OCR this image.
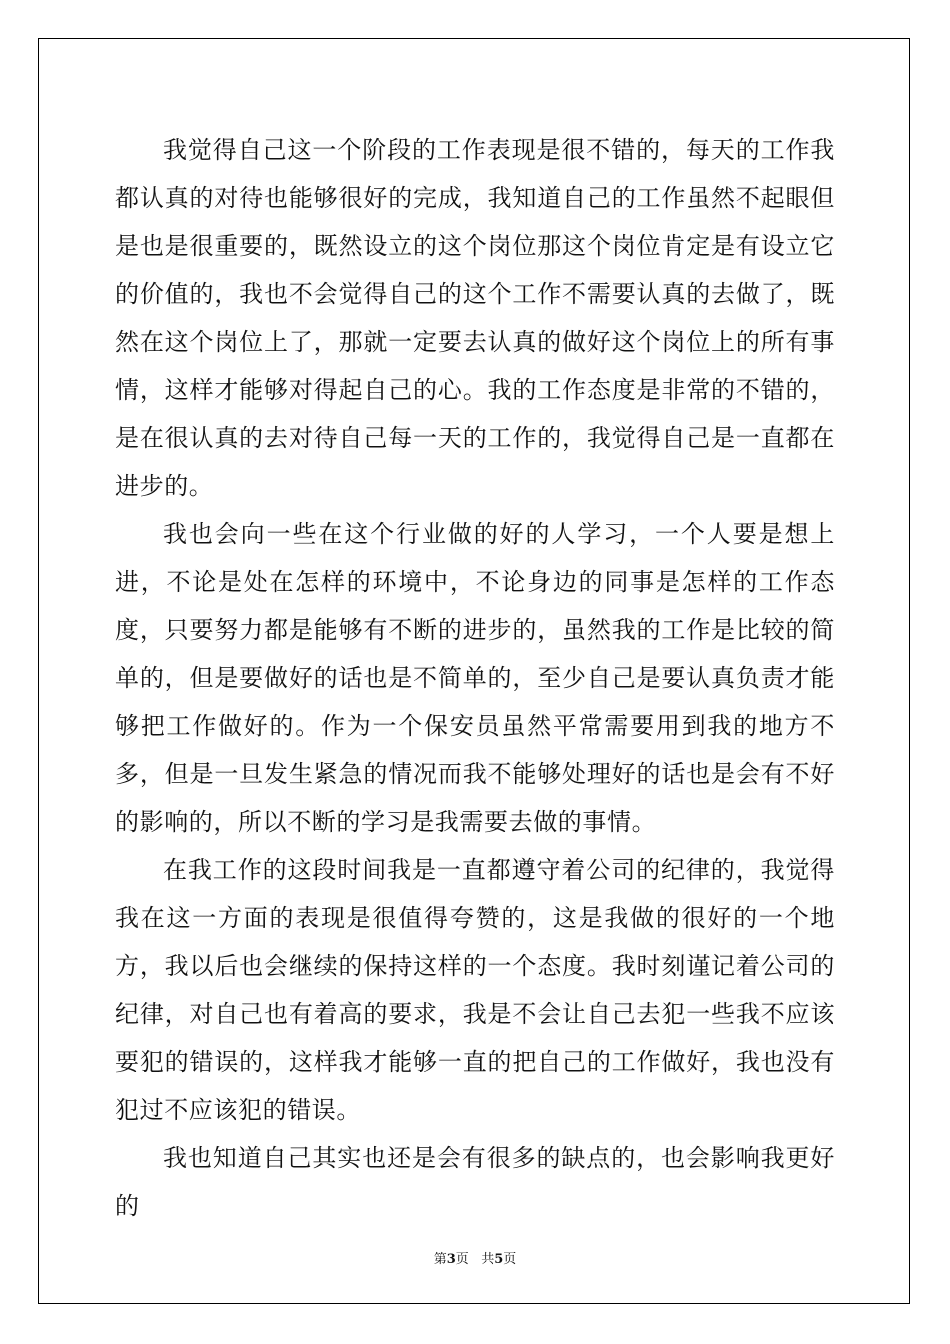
我觉得自己这一个阶段的工作表现是很不错的，每天的工作我都认真的对待也能够很好的完成，我知道自己的工作虽然不起眼但是也是很重要的，既然设立的这个岗位那这个岗位肯定是有设立它的价值的，我也不会觉得自己的这个工作不需要认真的去做了，既然在这个岗位上了，那就一定要去认真的做好这个岗位上的所有事情，这样才能够对得起自己的心。我的工作态度是非常的不错的，是在很认真的去对待自己每一天的工作的，我觉得自己是一直都在进步的。

我也会向一些在这个行业做的好的人学习，一个人要是想上进，不论是处在怎样的环境中，不论身边的同事是怎样的工作态度，只要努力都是能够有不断的进步的，虽然我的工作是比较的简单的，但是要做好的话也是不简单的，至少自己是要认真负责才能够把工作做好的。作为一个保安员虽然平常需要用到我的地方不多，但是一旦发生紧急的情况而我不能够处理好的话也是会有不好的影响的，所以不断的学习是我需要去做的事情。

在我工作的这段时间我是一直都遵守着公司的纪律的，我觉得我在这一方面的表现是很值得夸赞的，这是我做的很好的一个地方，我以后也会继续的保持这样的一个态度。我时刻谨记着公司的纪律，对自己也有着高的要求，我是不会让自己去犯一些我不应该要犯的错误的，这样我才能够一直的把自己的工作做好，我也没有犯过不应该犯的错误。

我也知道自己其实也还是会有很多的缺点的，也会影响我更好的

第3页 共5页
